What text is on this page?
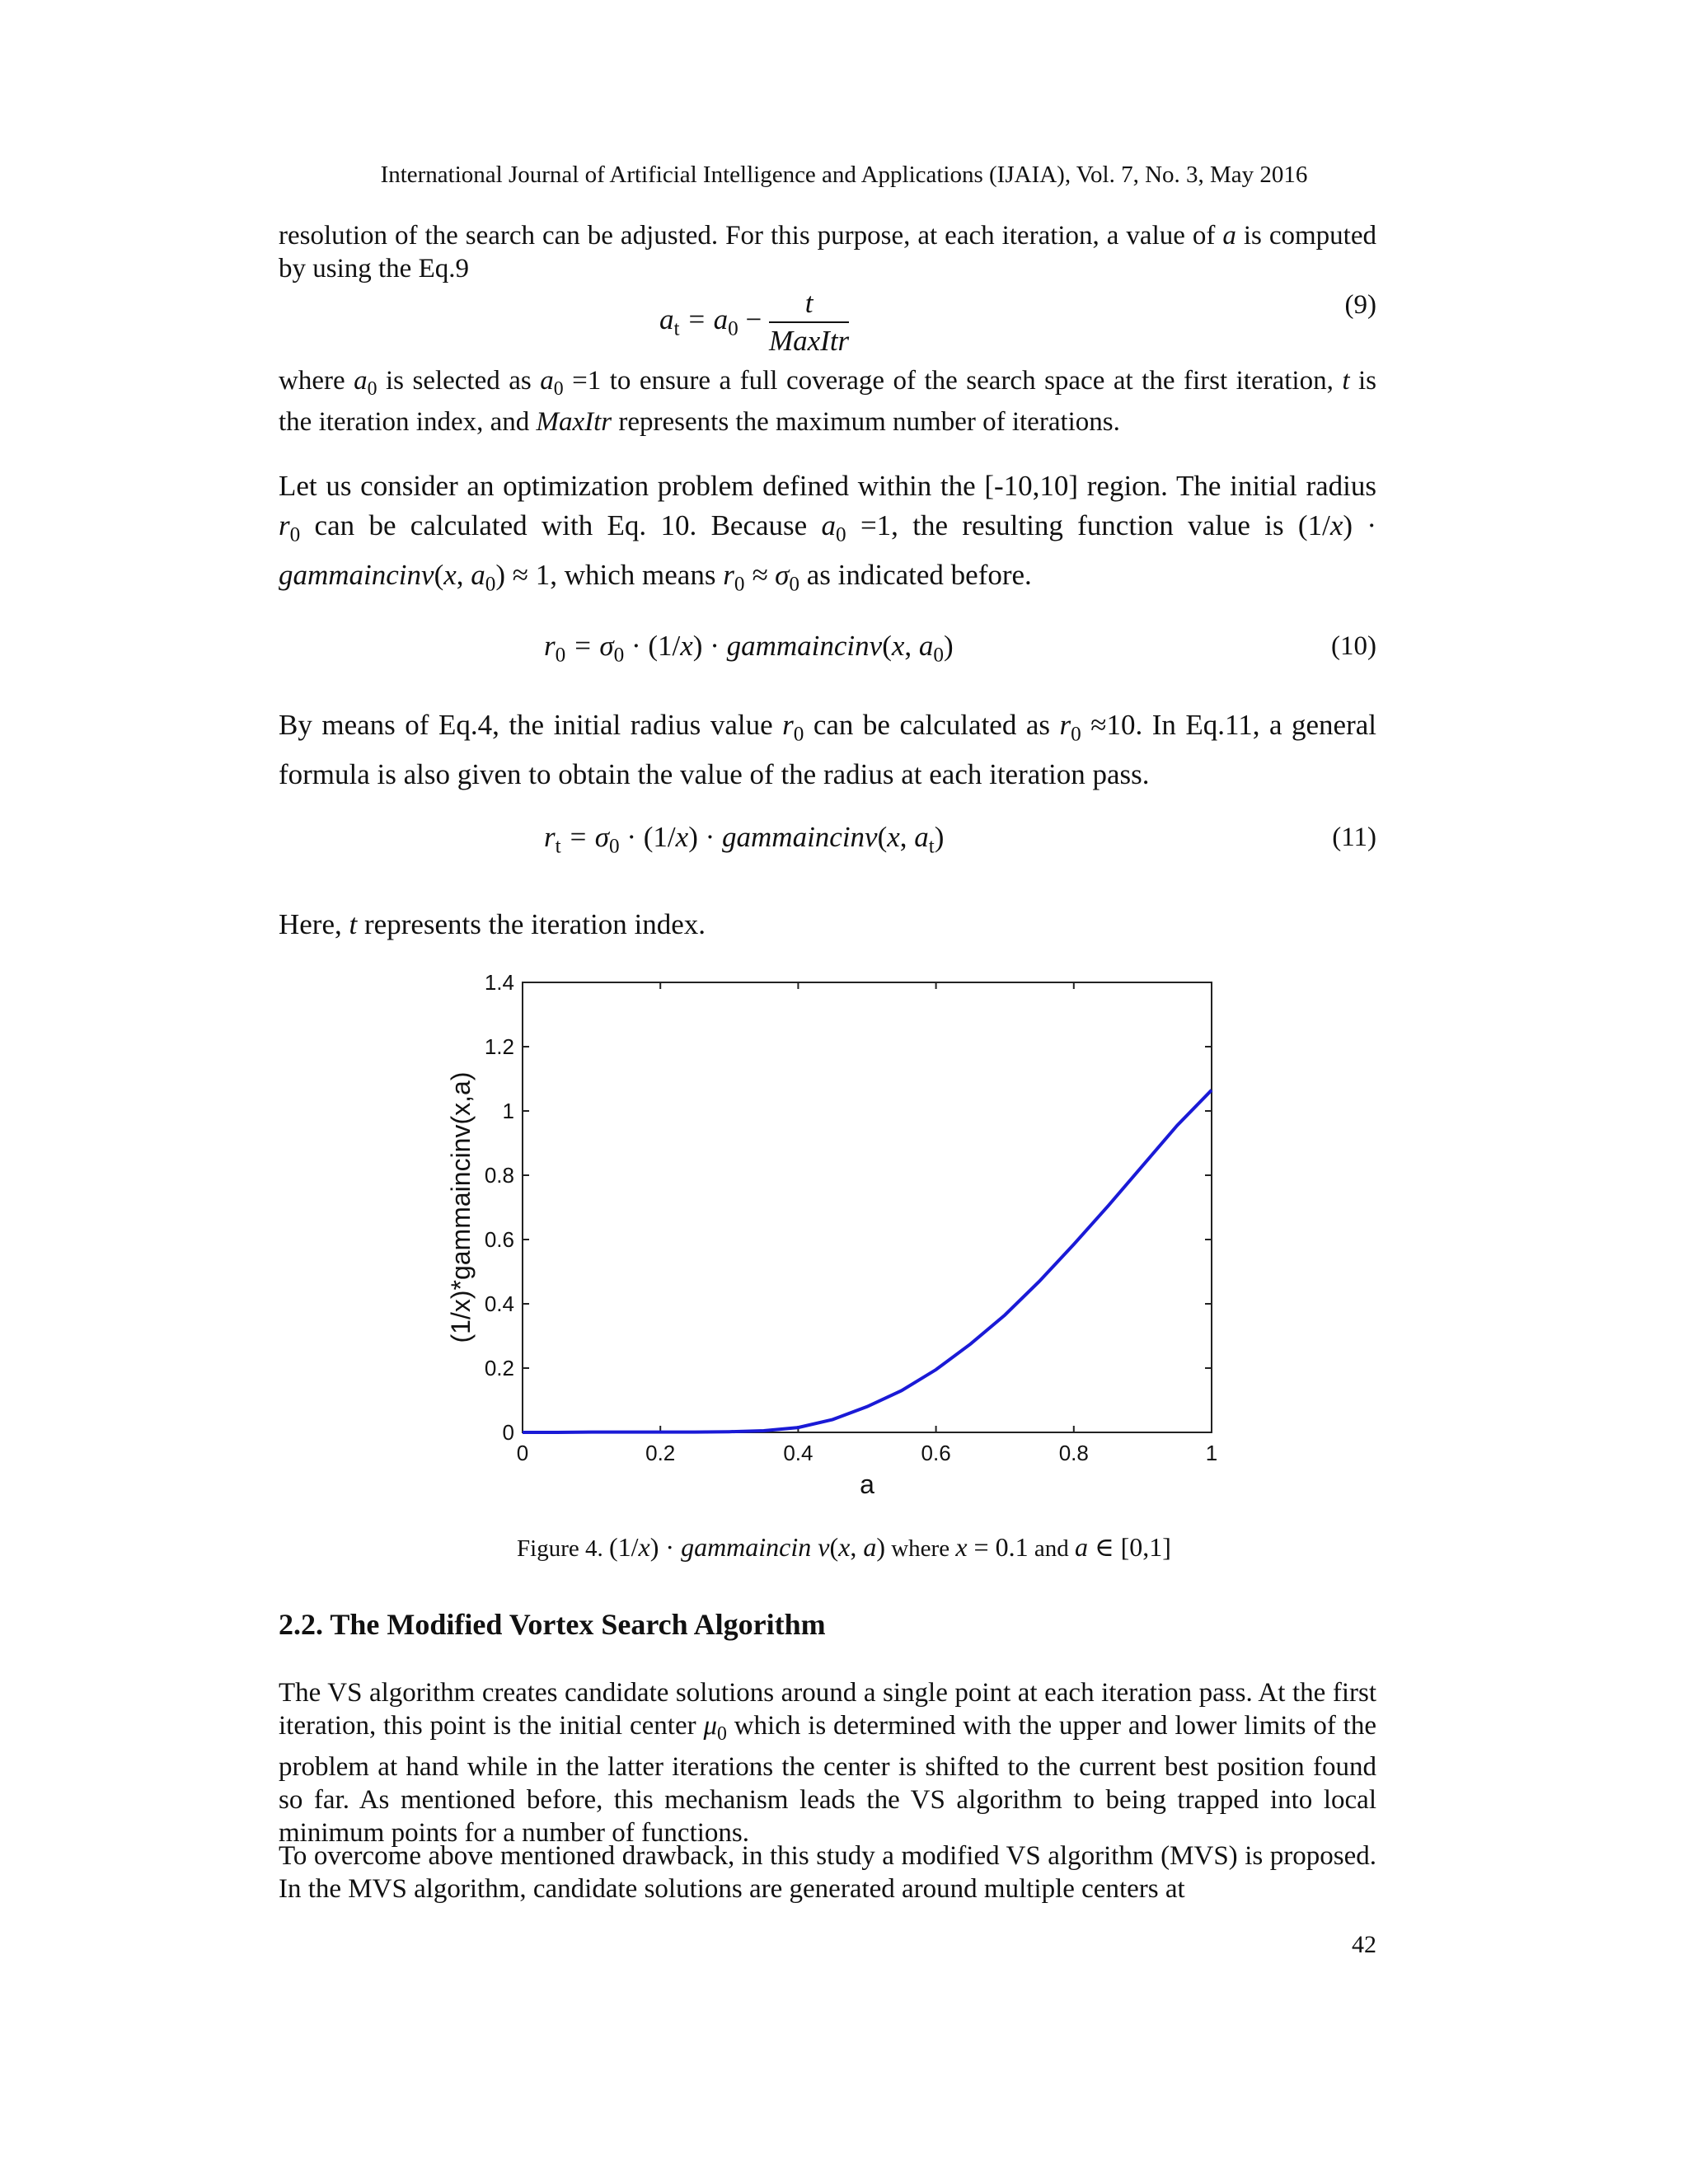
International Journal of Artificial Intelligence and Applications (IJAIA), Vol. 7, No. 3, May 2016
resolution of the search can be adjusted. For this purpose, at each iteration, a value of a is computed by using the Eq.9
$a_t = a_0 - \frac{t}{\text{MaxItr}}$	(9)
where $a_0$ is selected as $a_0 =1$ to ensure a full coverage of the search space at the first iteration, t is the iteration index, and MaxItr represents the maximum number of iterations.
Let us consider an optimization problem defined within the [-10,10] region. The initial radius $r_0$ can be calculated with Eq. 10. Because $a_0 =1$, the resulting function value is (1/x) · gammaincinv(x, $a_0) \approx 1$, which means $r_0 \approx \sigma_0$ as indicated before.
$r_0 = \sigma_0 \cdot (1/x)$ · gammaincinv(x, $a_0$)	(10)
By means of Eq.4, the initial radius value $r_0$ can be calculated as $r_0 \approx 10$. In Eq.11, a general formula is also given to obtain the value of the radius at each iteration pass.
$r_t = \sigma_0 \cdot (1/x)$ · gammaincinv(x, $a_t$)	(11)
Here, t represents the iteration index.
0	0.2	0.4	0.6	0.8	1
0
0.2
0.4
0.6
0.8
1
1.2
1.4
a
(1/x)*gammaincinv(x,a)
Figure 4. (1/x) · gammaincin v(x, a) where x = 0.1 and a ∈ [0,1]
2.2. The Modified Vortex Search Algorithm
The VS algorithm creates candidate solutions around a single point at each iteration pass. At the first iteration, this point is the initial center $\mu_0$ which is determined with the upper and lower limits of the problem at hand while in the latter iterations the center is shifted to the current best position found so far. As mentioned before, this mechanism leads the VS algorithm to being trapped into local minimum points for a number of functions.
To overcome above mentioned drawback, in this study a modified VS algorithm (MVS) is proposed. In the MVS algorithm, candidate solutions are generated around multiple centers at
42
